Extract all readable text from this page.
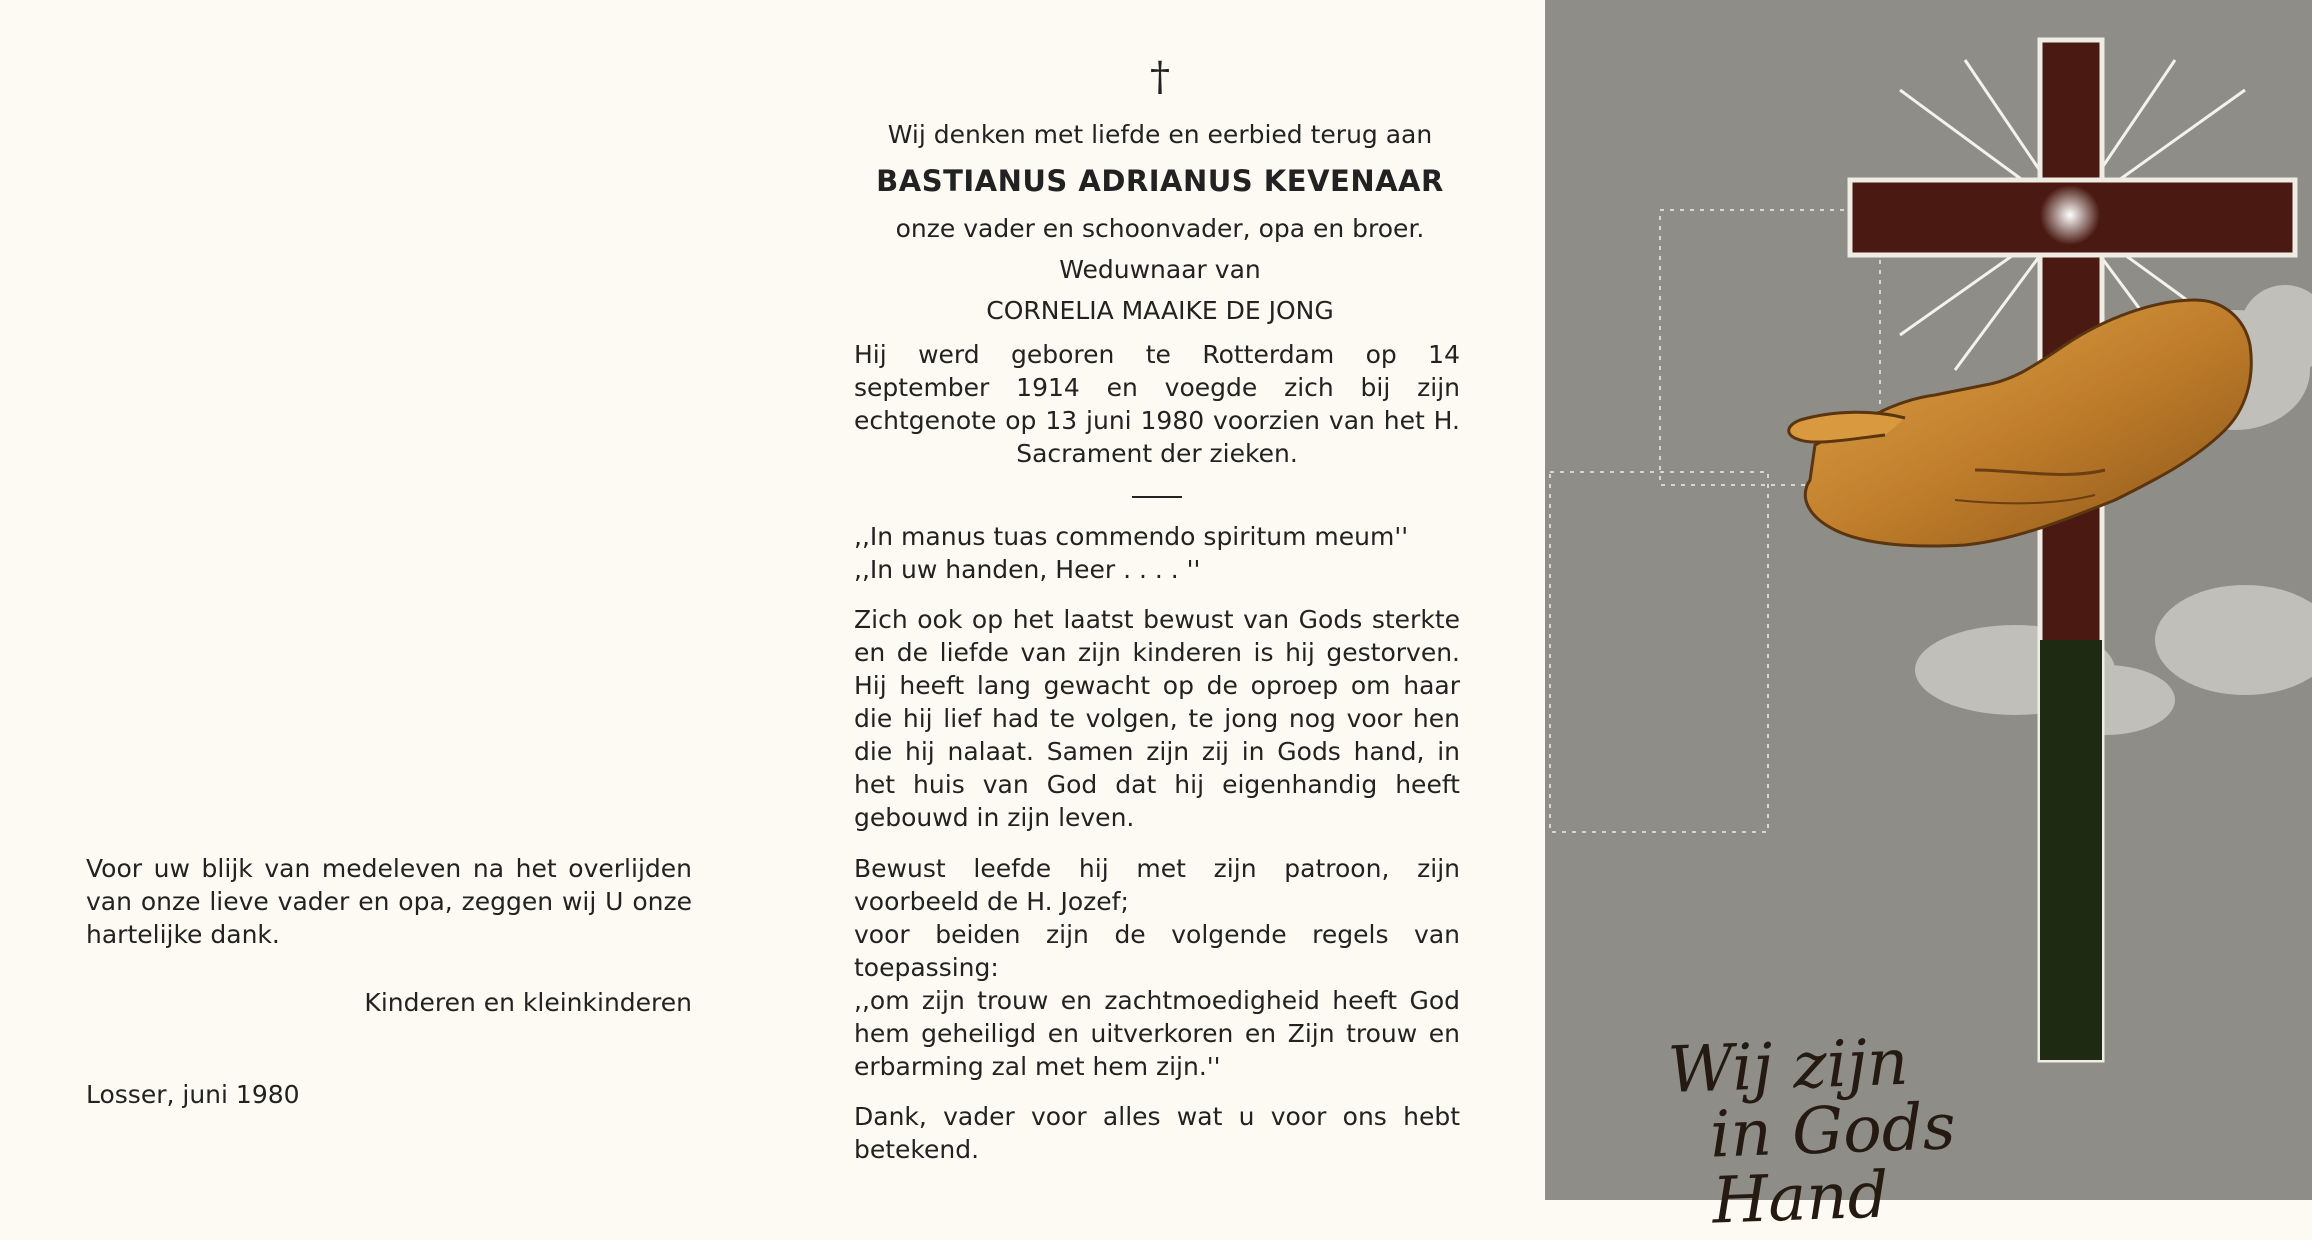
Voor uw blijk van medeleven na het overlijden van onze lieve vader en opa, zeggen wij U onze hartelijke dank.
Kinderen en kleinkinderen
Losser, juni 1980
†
Wij denken met liefde en eerbied terug aan
BASTIANUS ADRIANUS KEVENAAR
onze vader en schoonvader, opa en broer.
Weduwnaar van
CORNELIA MAAIKE DE JONG
Hij werd geboren te Rotterdam op 14 september 1914 en voegde zich bij zijn echtgenote op 13 juni 1980 voorzien van het H. Sacrament der zieken.
,,In manus tuas commendo spiritum meum''
,,In uw handen, Heer . . . . ''
Zich ook op het laatst bewust van Gods sterkte en de liefde van zijn kinderen is hij gestorven. Hij heeft lang gewacht op de oproep om haar die hij lief had te volgen, te jong nog voor hen die hij nalaat. Samen zijn zij in Gods hand, in het huis van God dat hij eigenhandig heeft gebouwd in zijn leven.
Bewust leefde hij met zijn patroon, zijn voorbeeld de H. Jozef;
voor beiden zijn de volgende regels van toepassing:
,,om zijn trouw en zachtmoedigheid heeft God hem geheiligd en uitverkoren en Zijn trouw en erbarming zal met hem zijn.''
Dank, vader voor alles wat u voor ons hebt betekend.
Wij zijn
in Gods Hand
